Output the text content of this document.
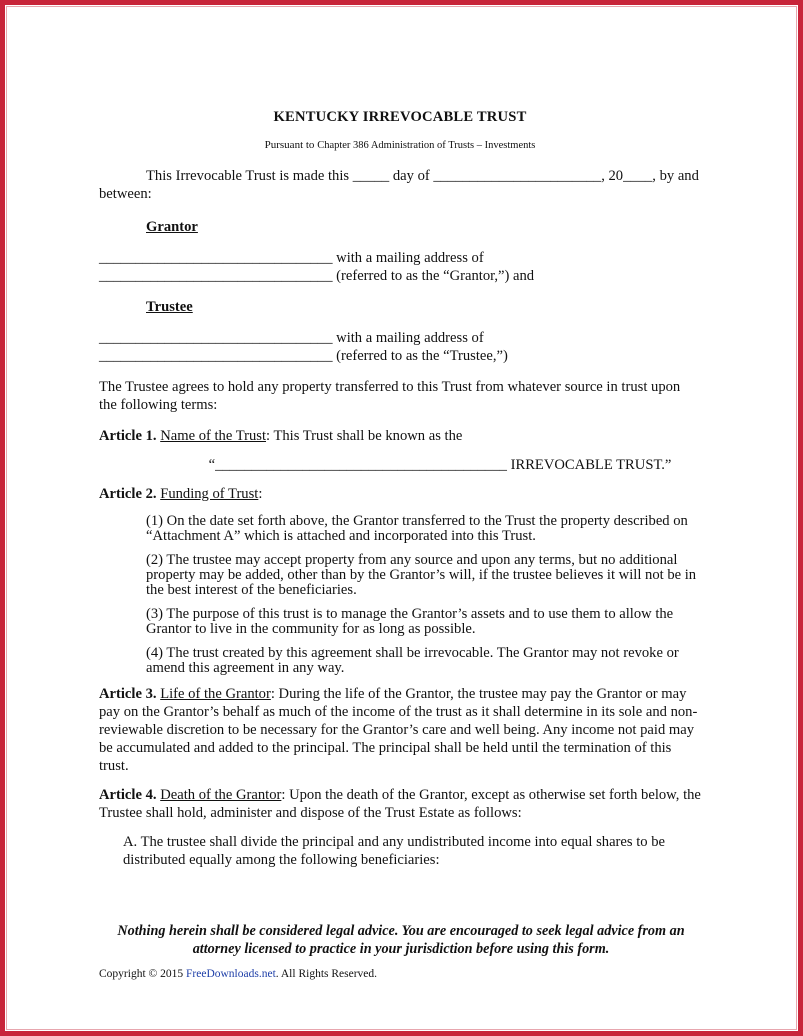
KENTUCKY IRREVOCABLE TRUST

Pursuant to Chapter 386 Administration of Trusts – Investments

This Irrevocable Trust is made this _____ day of _______________________, 20____, by and between:

Grantor

________________________________ with a mailing address of ________________________________ (referred to as the “Grantor,”) and

Trustee

________________________________ with a mailing address of ________________________________ (referred to as the “Trustee,”)

The Trustee agrees to hold any property transferred to this Trust from whatever source in trust upon the following terms:

Article 1. Name of the Trust: This Trust shall be known as the

“________________________________________ IRREVOCABLE TRUST.”

Article 2. Funding of Trust:

(1) On the date set forth above, the Grantor transferred to the Trust the property described on “Attachment A” which is attached and incorporated into this Trust.

(2) The trustee may accept property from any source and upon any terms, but no additional property may be added, other than by the Grantor’s will, if the trustee believes it will not be in the best interest of the beneficiaries.

(3) The purpose of this trust is to manage the Grantor’s assets and to use them to allow the Grantor to live in the community for as long as possible.

(4) The trust created by this agreement shall be irrevocable. The Grantor may not revoke or amend this agreement in any way.

Article 3. Life of the Grantor: During the life of the Grantor, the trustee may pay the Grantor or may pay on the Grantor’s behalf as much of the income of the trust as it shall determine in its sole and non-reviewable discretion to be necessary for the Grantor’s care and well being. Any income not paid may be accumulated and added to the principal. The principal shall be held until the termination of this trust.

Article 4. Death of the Grantor: Upon the death of the Grantor, except as otherwise set forth below, the Trustee shall hold, administer and dispose of the Trust Estate as follows:

A. The trustee shall divide the principal and any undistributed income into equal shares to be distributed equally among the following beneficiaries:

Nothing herein shall be considered legal advice. You are encouraged to seek legal advice from an attorney licensed to practice in your jurisdiction before using this form.

Copyright © 2015 FreeDownloads.net. All Rights Reserved.
